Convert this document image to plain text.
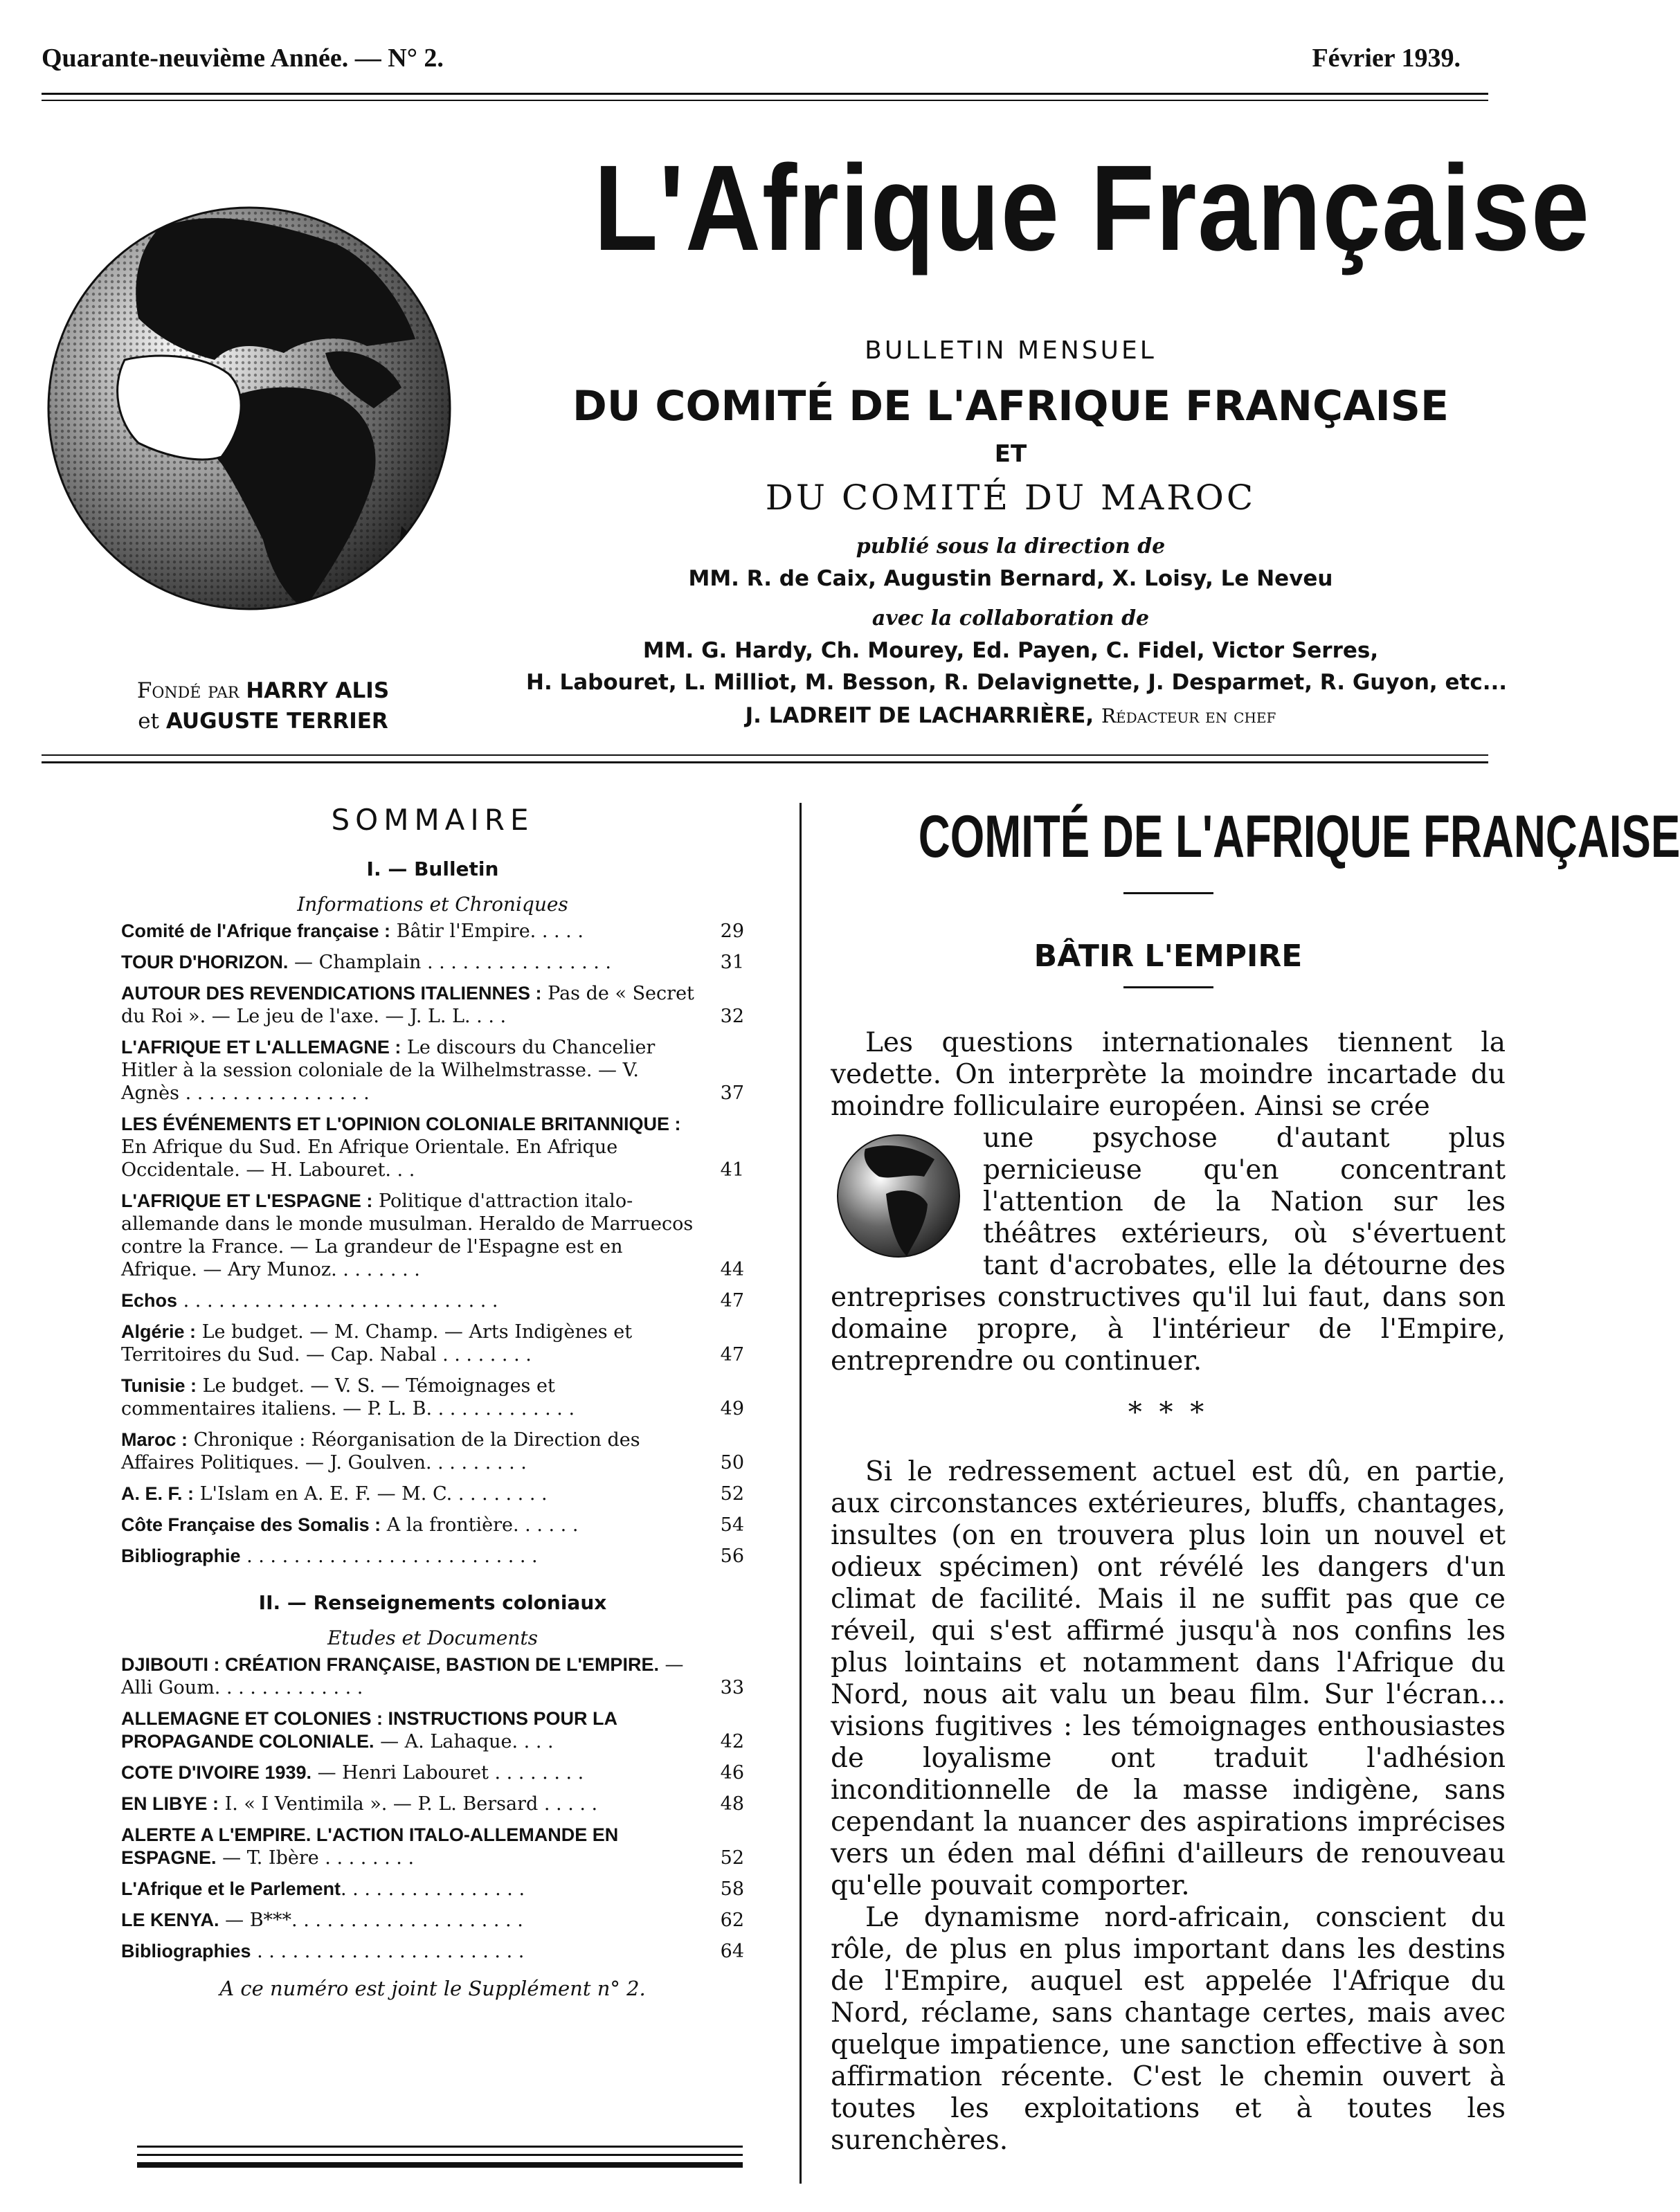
Quarante-neuvième Année. — N° 2.	Février 1939.
L'Afrique Française
BULLETIN MENSUEL
DU COMITÉ DE L'AFRIQUE FRANÇAISE
ET
DU COMITÉ DU MAROC
publié sous la direction de
MM. R. de Caix, Augustin Bernard, X. Loisy, Le Neveu
avec la collaboration de
MM. G. Hardy, Ch. Mourey, Ed. Payen, C. Fidel, Victor Serres,
H. Labouret, L. Milliot, M. Besson, R. Delavignette, J. Desparmet, R. Guyon, etc...
J. LADREIT DE LACHARRIÈRE, Rédacteur en chef
Fondé par HARRY ALIS
et AUGUSTE TERRIER
SOMMAIRE
I. — Bulletin
Informations et Chroniques
Comité de l'Afrique française : Bâtir l'Empire. . . . .	29
TOUR D'HORIZON. — Champlain . . . . . . . . . . . . . . . .	31
AUTOUR DES REVENDICATIONS ITALIENNES : Pas de « Secret du Roi ». — Le jeu de l'axe. — J. L. L. . . .	32
L'AFRIQUE ET L'ALLEMAGNE : Le discours du Chancelier Hitler à la session coloniale de la Wilhelmstrasse. — V. Agnès . . . . . . . . . . . . . . . .	37
LES ÉVÉNEMENTS ET L'OPINION COLONIALE BRITANNIQUE : En Afrique du Sud. En Afrique Orientale. En Afrique Occidentale. — H. Labouret. . .	41
L'AFRIQUE ET L'ESPAGNE : Politique d'attraction italo-allemande dans le monde musulman. Heraldo de Marruecos contre la France. — La grandeur de l'Espagne est en Afrique. — Ary Munoz. . . . . . . .	44
Echos . . . . . . . . . . . . . . . . . . . . . . . . . . .	47
Algérie : Le budget. — M. Champ. — Arts Indigènes et Territoires du Sud. — Cap. Nabal . . . . . . . .	47
Tunisie : Le budget. — V. S. — Témoignages et commentaires italiens. — P. L. B. . . . . . . . . . . . .	49
Maroc : Chronique : Réorganisation de la Direction des Affaires Politiques. — J. Goulven. . . . . . . . .	50
A. E. F. : L'Islam en A. E. F. — M. C. . . . . . . . .	52
Côte Française des Somalis : A la frontière. . . . . .	54
Bibliographie . . . . . . . . . . . . . . . . . . . . . . . . .	56
II. — Renseignements coloniaux
Etudes et Documents
DJIBOUTI : CRÉATION FRANÇAISE, BASTION DE L'EMPIRE. — Alli Goum. . . . . . . . . . . . .	33
ALLEMAGNE ET COLONIES : INSTRUCTIONS POUR LA PROPAGANDE COLONIALE. — A. Lahaque. . . .	42
COTE D'IVOIRE 1939. — Henri Labouret . . . . . . . .	46
EN LIBYE : I. « I Ventimila ». — P. L. Bersard . . . . .	48
ALERTE A L'EMPIRE. L'ACTION ITALO-ALLEMANDE EN ESPAGNE. — T. Ibère . . . . . . . .	52
L'Afrique et le Parlement. . . . . . . . . . . . . . . .	58
LE KENYA. — B***. . . . . . . . . . . . . . . . . . . .	62
Bibliographies . . . . . . . . . . . . . . . . . . . . . . .	64
A ce numéro est joint le Supplément n° 2.
COMITÉ DE L'AFRIQUE FRANÇAISE
BÂTIR L'EMPIRE

Les questions internationales tiennent la vedette. On interprète la moindre incartade du moindre folliculaire européen. Ainsi se crée

une psychose d'autant plus pernicieuse qu'en concentrant l'attention de la Nation sur les théâtres extérieurs, où s'évertuent tant d'acrobates, elle la détourne des entreprises constructives qu'il lui faut, dans son domaine propre, à l'intérieur de l'Empire, entreprendre ou continuer.

* * *

Si le redressement actuel est dû, en partie, aux circonstances extérieures, bluffs, chantages, insultes (on en trouvera plus loin un nouvel et odieux spécimen) ont révélé les dangers d'un climat de facilité. Mais il ne suffit pas que ce réveil, qui s'est affirmé jusqu'à nos confins les plus lointains et notamment dans l'Afrique du Nord, nous ait valu un beau film. Sur l'écran... visions fugitives : les témoignages enthousiastes de loyalisme ont traduit l'adhésion inconditionnelle de la masse indigène, sans cependant la nuancer des aspirations imprécises vers un éden mal défini d'ailleurs de renouveau qu'elle pouvait comporter.

Le dynamisme nord-africain, conscient du rôle, de plus en plus important dans les destins de l'Empire, auquel est appelée l'Afrique du Nord, réclame, sans chantage certes, mais avec quelque impatience, une sanction effective à son affirmation récente. C'est le chemin ouvert à toutes les exploitations et à toutes les surenchères.
